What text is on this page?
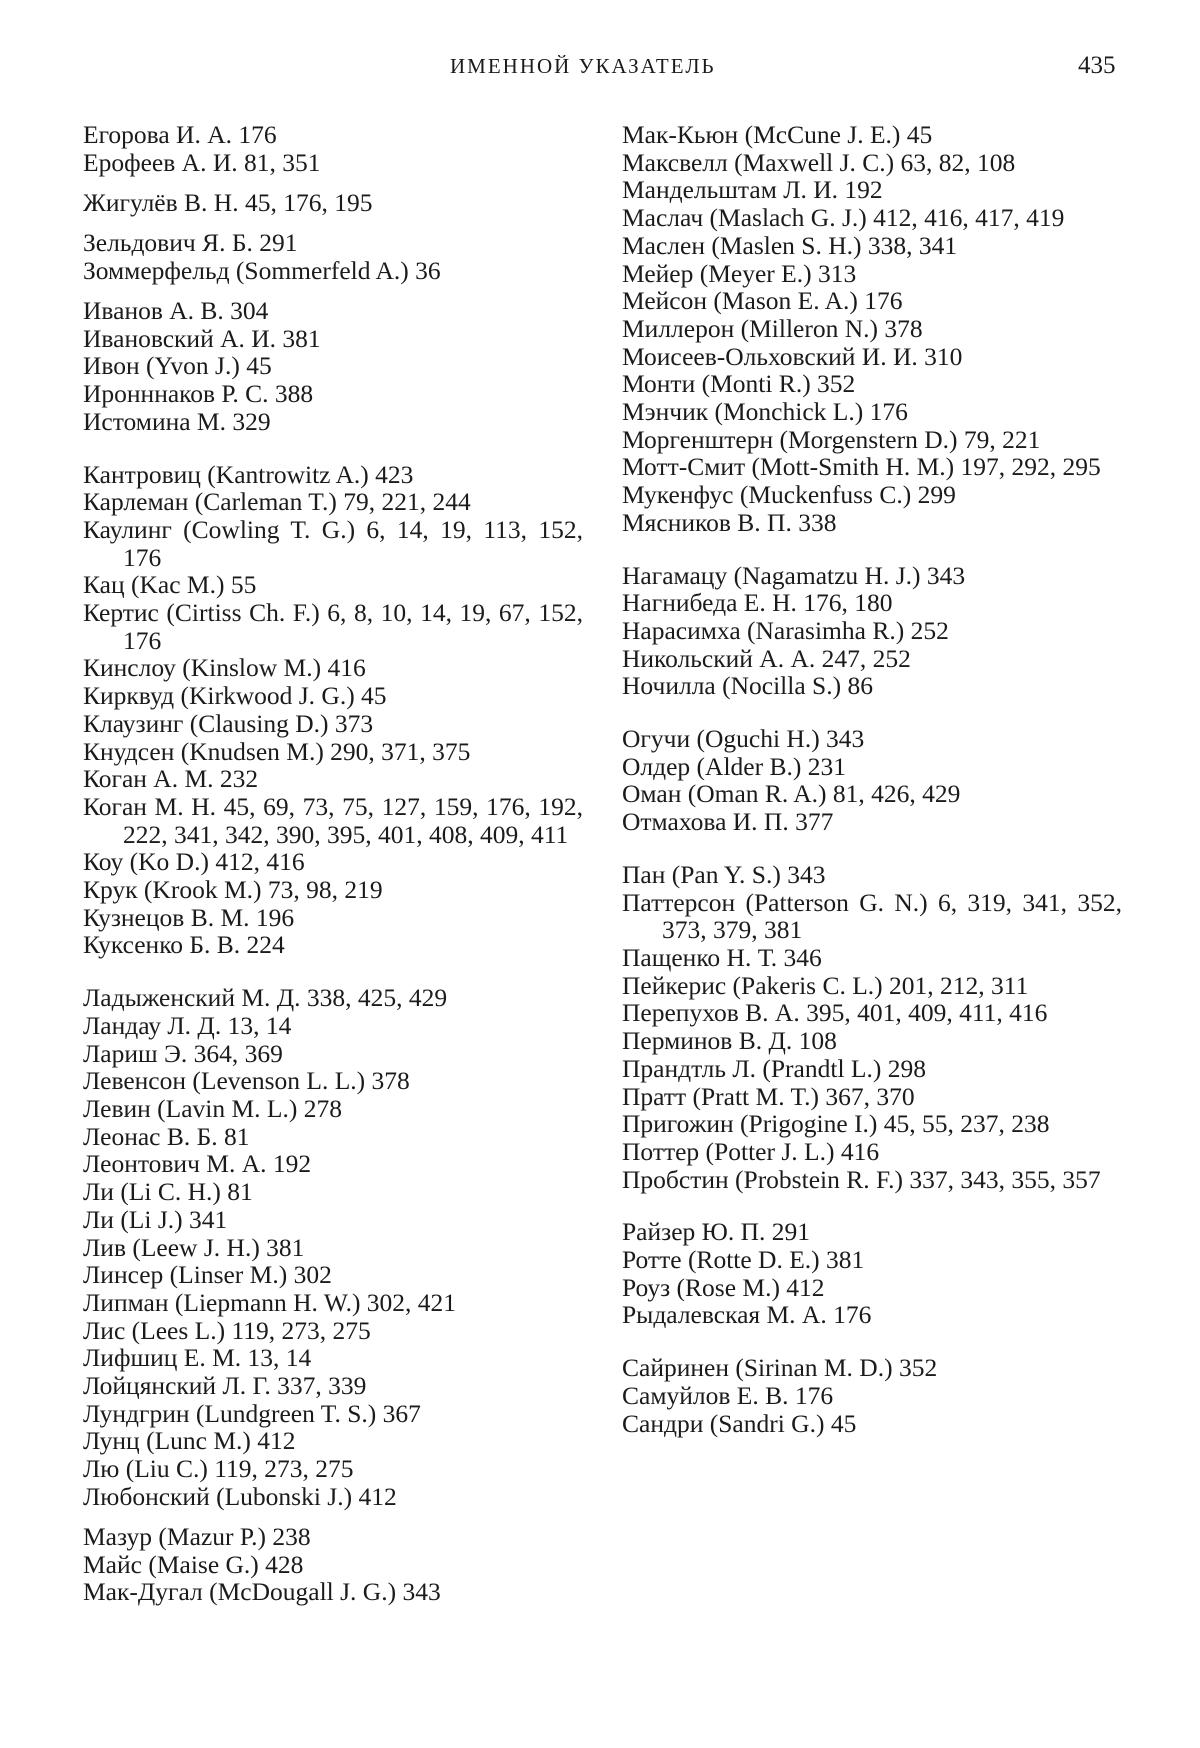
ИМЕННОЙ УКАЗАТЕЛЬ	435
Егорова И. А. 176
Ерофеев А. И. 81, 351
Жигулёв В. Н. 45, 176, 195
Зельдович Я. Б. 291
Зоммерфельд (Sommerfeld A.) 36
Иванов А. В. 304
Ивановский А. И. 381
Ивон (Yvon J.) 45
Иронннаков Р. С. 388
Истомина М. 329
Кантровиц (Kantrowitz A.) 423
Карлеман (Carleman T.) 79, 221, 244
Каулинг (Cowling T. G.) 6, 14, 19, 113, 152, 176
Кац (Kac M.) 55
Кертис (Cirtiss Ch. F.) 6, 8, 10, 14, 19, 67, 152, 176
Кинслоу (Kinslow M.) 416
Кирквуд (Kirkwood J. G.) 45
Клаузинг (Clausing D.) 373
Кнудсен (Knudsen M.) 290, 371, 375
Коган А. М. 232
Коган М. Н. 45, 69, 73, 75, 127, 159, 176, 192, 222, 341, 342, 390, 395, 401, 408, 409, 411
Коу (Ko D.) 412, 416
Крук (Krook M.) 73, 98, 219
Кузнецов В. М. 196
Куксенко Б. В. 224
Ладыженский М. Д. 338, 425, 429
Ландау Л. Д. 13, 14
Лариш Э. 364, 369
Левенсон (Levenson L. L.) 378
Левин (Lavin M. L.) 278
Леонас В. Б. 81
Леонтович М. А. 192
Ли (Li C. H.) 81
Ли (Li J.) 341
Лив (Leew J. H.) 381
Линсер (Linser M.) 302
Липман (Liepmann H. W.) 302, 421
Лис (Lees L.) 119, 273, 275
Лифшиц Е. М. 13, 14
Лойцянский Л. Г. 337, 339
Лундгрин (Lundgreen T. S.) 367
Лунц (Lunc M.) 412
Лю (Liu C.) 119, 273, 275
Любонский (Lubonski J.) 412
Мазур (Mazur P.) 238
Майс (Maise G.) 428
Мак-Дугал (McDougall J. G.) 343
Мак-Кьюн (McCune J. E.) 45
Максвелл (Maxwell J. C.) 63, 82, 108
Мандельштам Л. И. 192
Маслач (Maslach G. J.) 412, 416, 417, 419
Маслен (Maslen S. H.) 338, 341
Мейер (Meyer E.) 313
Мейсон (Mason E. A.) 176
Миллерон (Milleron N.) 378
Моисеев-Ольховский И. И. 310
Монти (Monti R.) 352
Мэнчик (Monchick L.) 176
Моргенштерн (Morgenstern D.) 79, 221
Мотт-Смит (Mott-Smith H. M.) 197, 292, 295
Мукенфус (Muckenfuss C.) 299
Мясников В. П. 338
Нагамацу (Nagamatzu H. J.) 343
Нагнибеда Е. Н. 176, 180
Нарасимха (Narasimha R.) 252
Никольский А. А. 247, 252
Ночилла (Nocilla S.) 86
Огучи (Oguchi H.) 343
Олдер (Alder B.) 231
Оман (Oman R. A.) 81, 426, 429
Отмахова И. П. 377
Пан (Pan Y. S.) 343
Паттерсон (Patterson G. N.) 6, 319, 341, 352, 373, 379, 381
Пащенко Н. Т. 346
Пейкерис (Pakeris C. L.) 201, 212, 311
Перепухов В. А. 395, 401, 409, 411, 416
Перминов В. Д. 108
Прандтль Л. (Prandtl L.) 298
Пратт (Pratt M. T.) 367, 370
Пригожин (Prigogine I.) 45, 55, 237, 238
Поттер (Potter J. L.) 416
Пробстин (Probstein R. F.) 337, 343, 355, 357
Райзер Ю. П. 291
Ротте (Rotte D. E.) 381
Роуз (Rose M.) 412
Рыдалевская М. А. 176
Сайринен (Sirinan M. D.) 352
Самуйлов Е. В. 176
Сандри (Sandri G.) 45
